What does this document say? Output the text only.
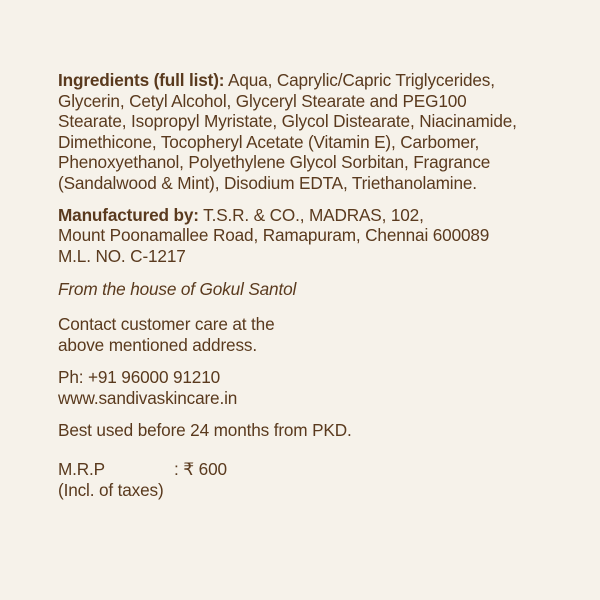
Ingredients (full list): Aqua, Caprylic/Capric Triglycerides,
Glycerin, Cetyl Alcohol, Glyceryl Stearate and PEG100
Stearate, Isopropyl Myristate, Glycol Distearate, Niacinamide,
Dimethicone, Tocopheryl Acetate (Vitamin E), Carbomer,
Phenoxyethanol, Polyethylene Glycol Sorbitan, Fragrance
(Sandalwood & Mint), Disodium EDTA, Triethanolamine.

Manufactured by: T.S.R. & CO., MADRAS, 102,
Mount Poonamallee Road, Ramapuram, Chennai 600089
M.L. NO. C-1217

From the house of Gokul Santol

Contact customer care at the
above mentioned address.

Ph: +91 96000 91210
www.sandivaskincare.in

Best used before 24 months from PKD.

M.R.P	: ₹ 600
(Incl. of taxes)
